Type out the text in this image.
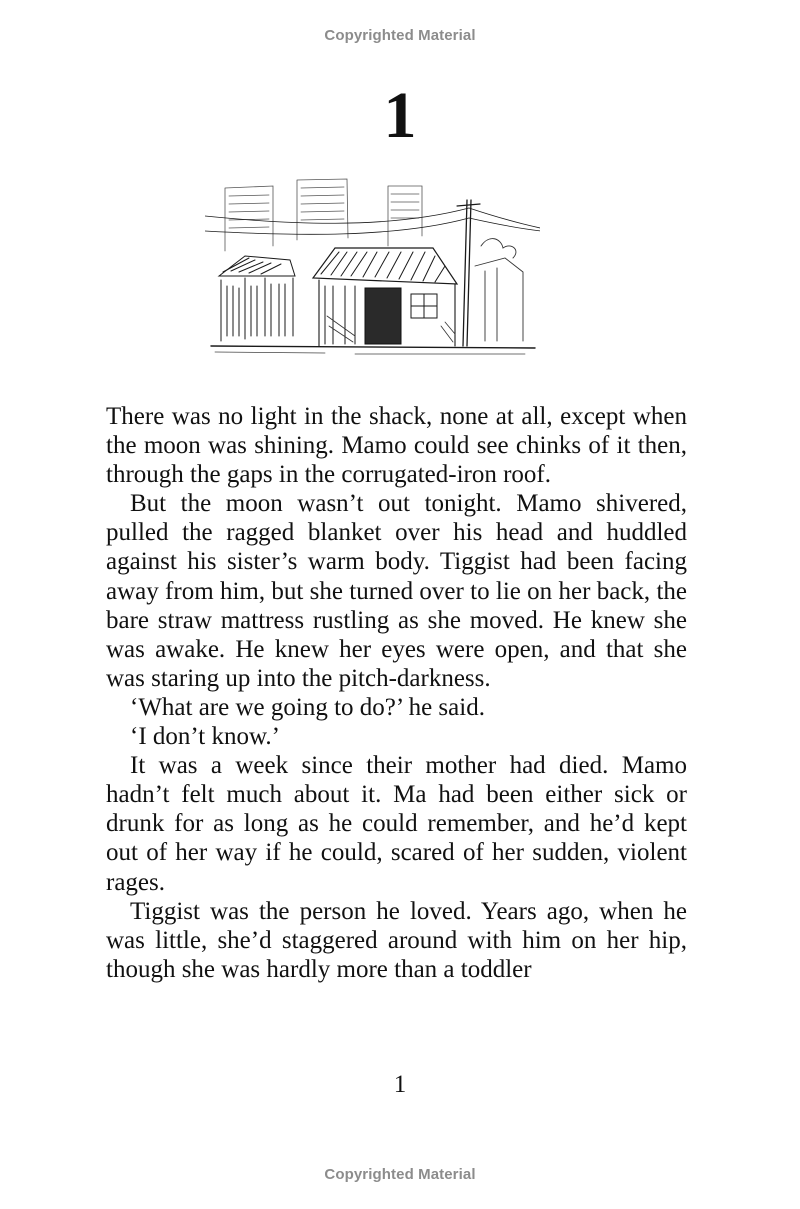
Copyrighted Material
1

There was no light in the shack, none at all, except when the moon was shining. Mamo could see chinks of it then, through the gaps in the corrugated-iron roof.

But the moon wasn’t out tonight. Mamo shivered, pulled the ragged blanket over his head and huddled against his sister’s warm body. Tiggist had been facing away from him, but she turned over to lie on her back, the bare straw mattress rustling as she moved. He knew she was awake. He knew her eyes were open, and that she was staring up into the pitch-darkness.

‘What are we going to do?’ he said.

‘I don’t know.’

It was a week since their mother had died. Mamo hadn’t felt much about it. Ma had been either sick or drunk for as long as he could remember, and he’d kept out of her way if he could, scared of her sudden, violent rages.

Tiggist was the person he loved. Years ago, when he was little, she’d staggered around with him on her hip, though she was hardly more than a toddler

1
Copyrighted Material
